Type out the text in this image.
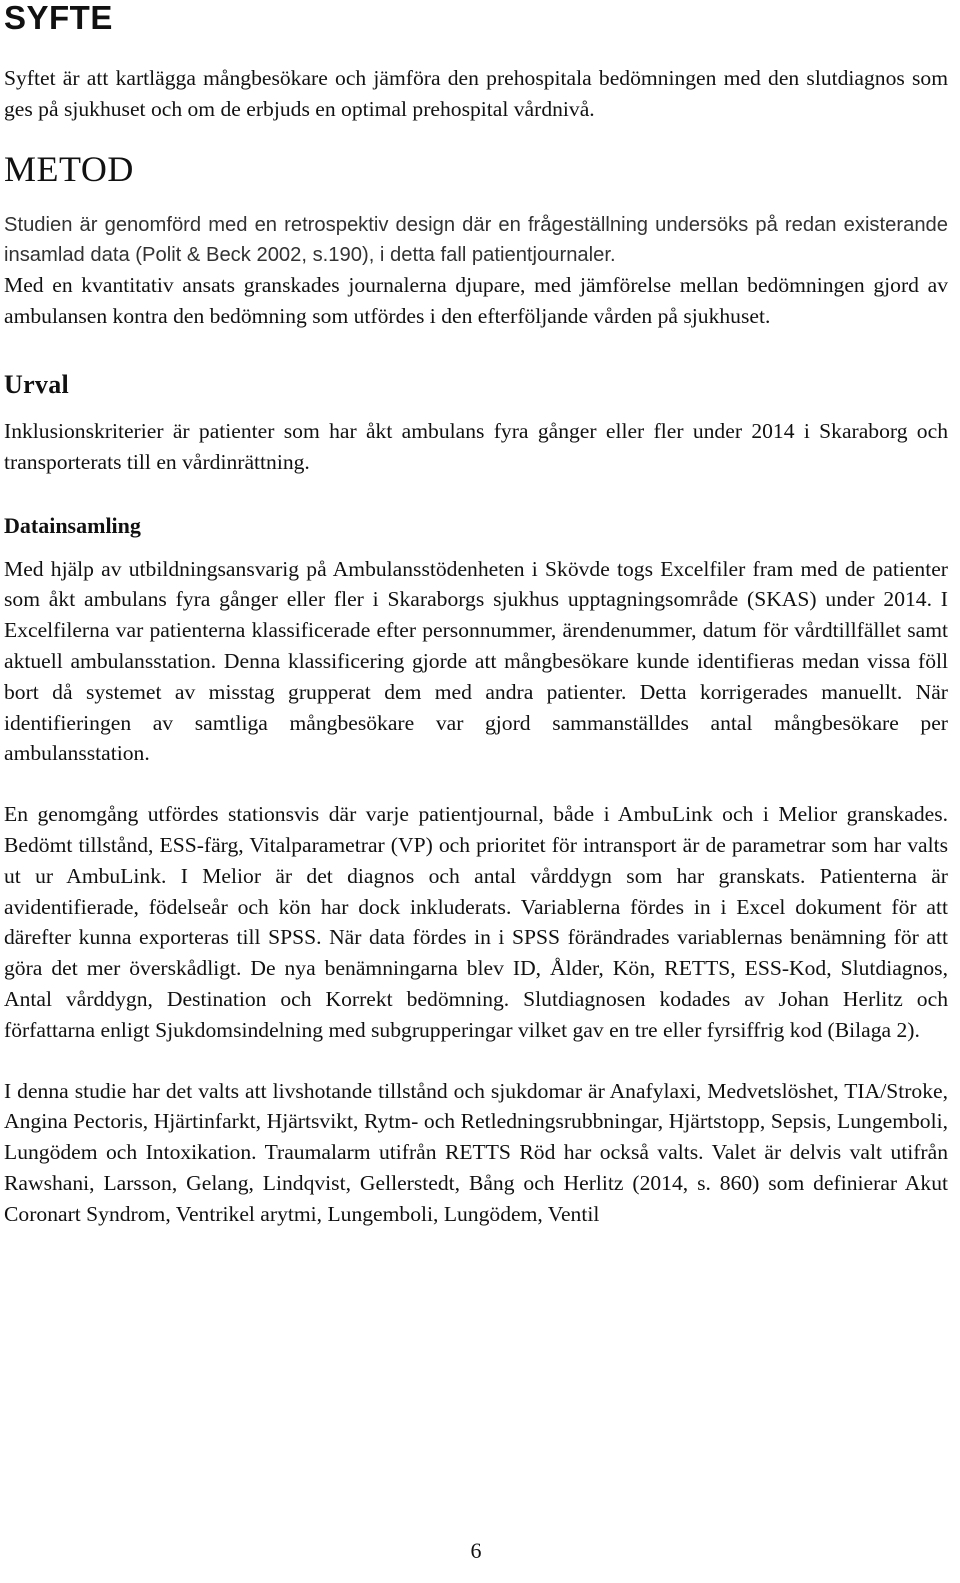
SYFTE

Syftet är att kartlägga mångbesökare och jämföra den prehospitala bedömningen med den slutdiagnos som ges på sjukhuset och om de erbjuds en optimal prehospital vårdnivå.

METOD

Studien är genomförd med en retrospektiv design där en frågeställning undersöks på redan existerande insamlad data (Polit & Beck 2002, s.190), i detta fall patientjournaler.

Med en kvantitativ ansats granskades journalerna djupare, med jämförelse mellan bedömningen gjord av ambulansen kontra den bedömning som utfördes i den efterföljande vården på sjukhuset.

Urval

Inklusionskriterier är patienter som har åkt ambulans fyra gånger eller fler under 2014 i Skaraborg och transporterats till en vårdinrättning.

Datainsamling

Med hjälp av utbildningsansvarig på Ambulansstödenheten i Skövde togs Excelfiler fram med de patienter som åkt ambulans fyra gånger eller fler i Skaraborgs sjukhus upptagningsområde (SKAS) under 2014. I Excelfilerna var patienterna klassificerade efter personnummer, ärendenummer, datum för vårdtillfället samt aktuell ambulansstation. Denna klassificering gjorde att mångbesökare kunde identifieras medan vissa föll bort då systemet av misstag grupperat dem med andra patienter. Detta korrigerades manuellt. När identifieringen av samtliga mångbesökare var gjord sammanställdes antal mångbesökare per ambulansstation.

En genomgång utfördes stationsvis där varje patientjournal, både i AmbuLink och i Melior granskades. Bedömt tillstånd, ESS-färg, Vitalparametrar (VP) och prioritet för intransport är de parametrar som har valts ut ur AmbuLink. I Melior är det diagnos och antal vårddygn som har granskats. Patienterna är avidentifierade, födelseår och kön har dock inkluderats. Variablerna fördes in i Excel dokument för att därefter kunna exporteras till SPSS. När data fördes in i SPSS förändrades variablernas benämning för att göra det mer överskådligt. De nya benämningarna blev ID, Ålder, Kön, RETTS, ESS-Kod, Slutdiagnos, Antal vårddygn, Destination och Korrekt bedömning. Slutdiagnosen kodades av Johan Herlitz och författarna enligt Sjukdomsindelning med subgrupperingar vilket gav en tre eller fyrsiffrig kod (Bilaga 2).

I denna studie har det valts att livshotande tillstånd och sjukdomar är Anafylaxi, Medvetslöshet, TIA/Stroke, Angina Pectoris, Hjärtinfarkt, Hjärtsvikt, Rytm- och Retledningsrubbningar, Hjärtstopp, Sepsis, Lungemboli, Lungödem och Intoxikation. Traumalarm utifrån RETTS Röd har också valts. Valet är delvis valt utifrån Rawshani, Larsson, Gelang, Lindqvist, Gellerstedt, Bång och Herlitz (2014, s. 860) som definierar Akut Coronart Syndrom, Ventrikel arytmi, Lungemboli, Lungödem, Ventil

6
